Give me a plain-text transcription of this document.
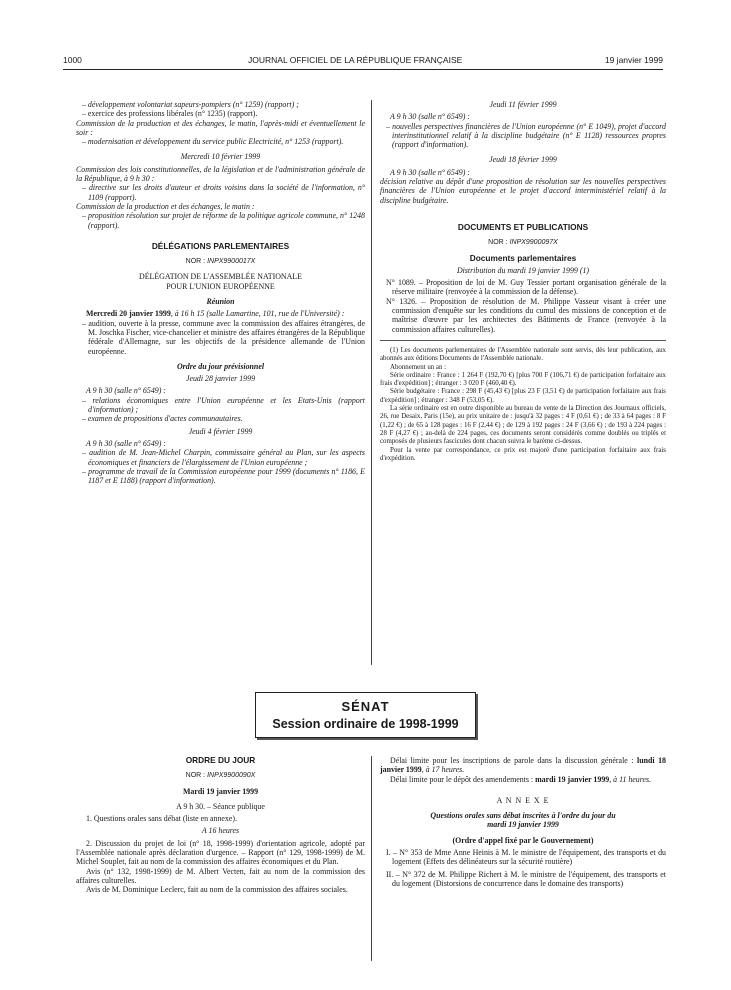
1000	JOURNAL OFFICIEL DE LA RÉPUBLIQUE FRANÇAISE	19 janvier 1999

– développement volontariat sapeurs-pompiers (n° 1259) (rapport) ;

– exercice des professions libérales (n° 1235) (rapport).

Commission de la production et des échanges, le matin, l'après-midi et éventuellement le soir :

– modernisation et développement du service public Electricité, n° 1253 (rapport).

Mercredi 10 février 1999

Commission des lois constitutionnelles, de la législation et de l'administration générale de la République, à 9 h 30 :

– directive sur les droits d'auteur et droits voisins dans la société de l'information, n° 1109 (rapport).

Commission de la production et des échanges, le matin :

– proposition résolution sur projet de réforme de la politique agricole commune, n° 1248 (rapport).

DÉLÉGATIONS PARLEMENTAIRES

NOR : INPX9900017X

DÉLÉGATION DE L'ASSEMBLÉE NATIONALE

POUR L'UNION EUROPÉENNE

Réunion

Mercredi 20 janvier 1999, à 16 h 15 (salle Lamartine, 101, rue de l'Université) :

– audition, ouverte à la presse, commune avec la commission des affaires étrangères, de M. Joschka Fischer, vice-chancelier et ministre des affaires étrangères de la République fédérale d'Allemagne, sur les objectifs de la présidence allemande de l'Union européenne.

Ordre du jour prévisionnel

Jeudi 28 janvier 1999

A 9 h 30 (salle n° 6549) :

– relations économiques entre l'Union européenne et les Etats-Unis (rapport d'information) ;

– examen de propositions d'actes communautaires.

Jeudi 4 février 1999

A 9 h 30 (salle n° 6549) :

– audition de M. Jean-Michel Charpin, commissaire général au Plan, sur les aspects économiques et financiers de l'élargissement de l'Union européenne ;

– programme de travail de la Commission européenne pour 1999 (documents n° 1186, E 1187 et E 1188) (rapport d'information).

Jeudi 11 février 1999

A 9 h 30 (salle n° 6549) :

– nouvelles perspectives financières de l'Union européenne (n° E 1049), projet d'accord interinstitutionnel relatif à la discipline budgétaire (n° E 1128) ressources propres (rapport d'information).

Jeudi 18 février 1999

A 9 h 30 (salle n° 6549) :

décision relative au dépôt d'une proposition de résolution sur les nouvelles perspectives financières de l'Union européenne et le projet d'accord interministériel relatif à la discipline budgétaire.

DOCUMENTS ET PUBLICATIONS

NOR : INPX9900097X

Documents parlementaires

Distribution du mardi 19 janvier 1999 (1)

N° 1089. – Proposition de loi de M. Guy Tessier portant organisation générale de la réserve militaire (renvoyée à la commission de la défense).

N° 1326. – Proposition de résolution de M. Philippe Vasseur visant à créer une commission d'enquête sur les conditions du cumul des missions de conception et de maîtrise d'œuvre par les architectes des Bâtiments de France (renvoyée à la commission affaires culturelles).

(1) Les documents parlementaires de l'Assemblée nationale sont servis, dès leur publication, aux abonnés aux éditions Documents de l'Assemblée nationale.

Abonnement un an :

Série ordinaire : France : 1 264 F (192,70 €) [plus 700 F (106,71 €) de participation forfaitaire aux frais d'expédition] ; étranger : 3 020 F (460,40 €).

Série budgétaire : France : 298 F (45,43 €) [plus 23 F (3,51 €) de participation forfaitaire aux frais d'expédition] ; étranger : 348 F (53,05 €).

La série ordinaire est en outre disponible au bureau de vente de la Direction des Journaux officiels, 26, rue Desaix, Paris (15e), au prix unitaire de : jusqu'à 32 pages : 4 F (0,61 €) ; de 33 à 64 pages : 8 F (1,22 €) ; de 65 à 128 pages : 16 F (2,44 €) ; de 129 à 192 pages : 24 F (3,66 €) ; de 193 à 224 pages : 28 F (4,27 €) ; au-delà de 224 pages, ces documents seront considérés comme doublés ou triplés et composés de plusieurs fascicules dont chacun suivra le barème ci-dessus.

Pour la vente par correspondance, ce prix est majoré d'une participation forfaitaire aux frais d'expédition.

SÉNAT
Session ordinaire de 1998-1999

ORDRE DU JOUR

NOR : INPX9900090X

Mardi 19 janvier 1999

A 9 h 30. – Séance publique

1. Questions orales sans débat (liste en annexe).

A 16 heures

2. Discussion du projet de loi (n° 18, 1998-1999) d'orientation agricole, adopté par l'Assemblée nationale après déclaration d'urgence. – Rapport (n° 129, 1998-1999) de M. Michel Souplet, fait au nom de la commission des affaires économiques et du Plan.

Avis (n° 132, 1998-1999) de M. Albert Vecten, fait au nom de la commission des affaires culturelles.

Avis de M. Dominique Leclerc, fait au nom de la commission des affaires sociales.

Délai limite pour les inscriptions de parole dans la discussion générale : lundi 18 janvier 1999, à 17 heures.

Délai limite pour le dépôt des amendements : mardi 19 janvier 1999, à 11 heures.

A N N E X E

Questions orales sans débat inscrites à l'ordre du jour du mardi 19 janvier 1999

(Ordre d'appel fixé par le Gouvernement)

I. – N° 353 de Mme Anne Heinis à M. le ministre de l'équipement, des transports et du logement (Effets des délinéateurs sur la sécurité routière)

II. – N° 372 de M. Philippe Richert à M. le ministre de l'équipement, des transports et du logement (Distorsions de concurrence dans le domaine des transports)
